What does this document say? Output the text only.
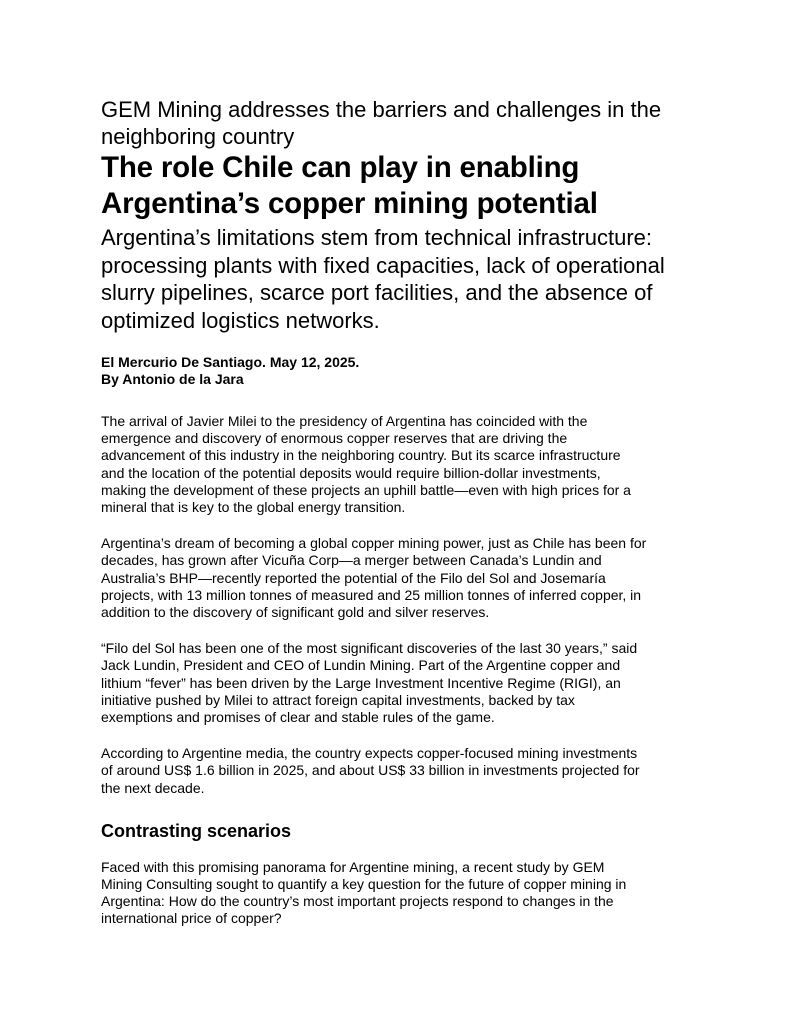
GEM Mining addresses the barriers and challenges in the
neighboring country
The role Chile can play in enabling
Argentina’s copper mining potential
Argentina’s limitations stem from technical infrastructure:
processing plants with fixed capacities, lack of operational
slurry pipelines, scarce port facilities, and the absence of
optimized logistics networks.
El Mercurio De Santiago. May 12, 2025.
By Antonio de la Jara
The arrival of Javier Milei to the presidency of Argentina has coincided with the
emergence and discovery of enormous copper reserves that are driving the
advancement of this industry in the neighboring country. But its scarce infrastructure
and the location of the potential deposits would require billion-dollar investments,
making the development of these projects an uphill battle—even with high prices for a
mineral that is key to the global energy transition.
Argentina’s dream of becoming a global copper mining power, just as Chile has been for
decades, has grown after Vicuña Corp—a merger between Canada’s Lundin and
Australia’s BHP—recently reported the potential of the Filo del Sol and Josemaría
projects, with 13 million tonnes of measured and 25 million tonnes of inferred copper, in
addition to the discovery of significant gold and silver reserves.
“Filo del Sol has been one of the most significant discoveries of the last 30 years,” said
Jack Lundin, President and CEO of Lundin Mining. Part of the Argentine copper and
lithium “fever” has been driven by the Large Investment Incentive Regime (RIGI), an
initiative pushed by Milei to attract foreign capital investments, backed by tax
exemptions and promises of clear and stable rules of the game.
According to Argentine media, the country expects copper-focused mining investments
of around US$ 1.6 billion in 2025, and about US$ 33 billion in investments projected for
the next decade.
Contrasting scenarios
Faced with this promising panorama for Argentine mining, a recent study by GEM
Mining Consulting sought to quantify a key question for the future of copper mining in
Argentina: How do the country’s most important projects respond to changes in the
international price of copper?
